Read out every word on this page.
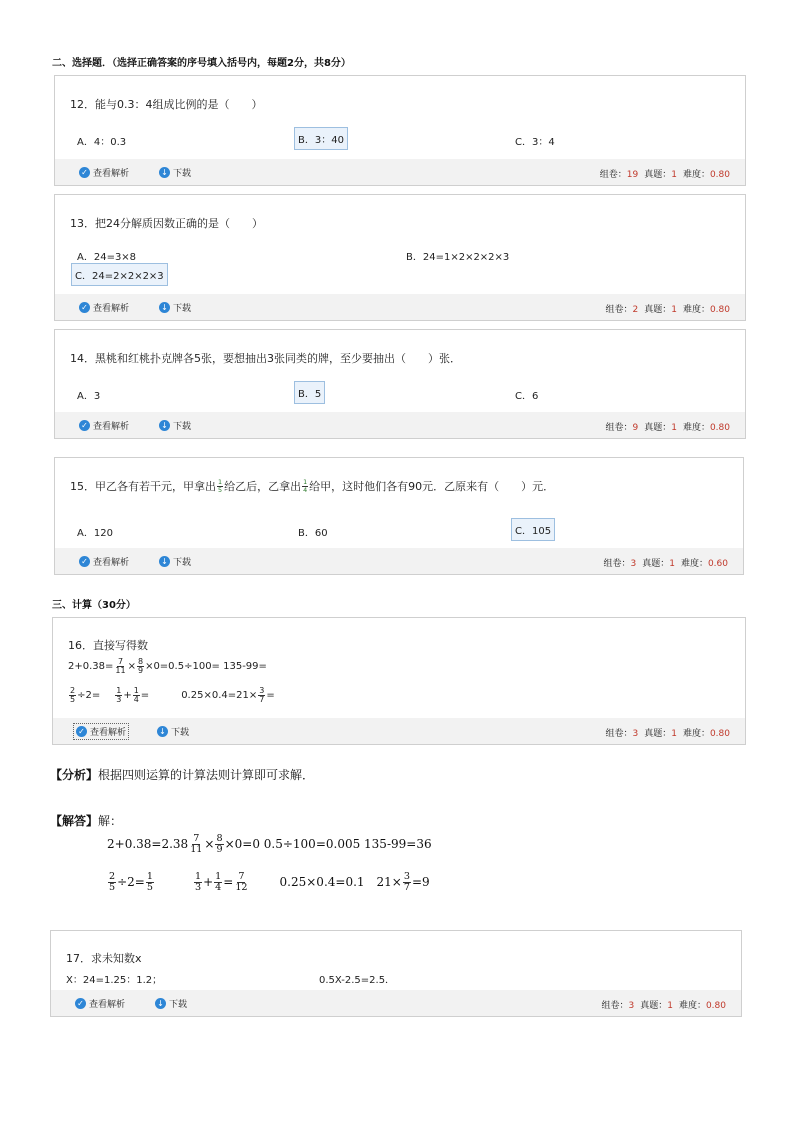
二、选择题．（选择正确答案的序号填入括号内，每题2分，共8分）
12．能与0.3：4组成比例的是（　　）
A．4：0.3	B．3：40	C．3：4
✓ 查看解析	↓ 下载	组卷：19 真题：1 难度：0.80
13．把24分解质因数正确的是（　　）
A．24=3×8	B．24=1×2×2×2×3
C．24=2×2×2×3
✓ 查看解析	↓ 下载	组卷：2 真题：1 难度：0.80
14．黑桃和红桃扑克牌各5张，要想抽出3张同类的牌，至少要抽出（　　）张．
A．3	B．5	C．6
✓ 查看解析	↓ 下载	组卷：9 真题：1 难度：0.80
15．甲乙各有若干元，甲拿出 $\frac{1}{5}$ 给乙后，乙拿出 $\frac{1}{4}$ 给甲，这时他们各有90元．乙原来有（　　）元．
A．120	B．60	C．105
✓ 查看解析	↓ 下载	组卷：3 真题：1 难度：0.60
三、计算（30分）
16．直接写得数
$2+0.38= \frac{7}{11} \times \frac{8}{9} \times 0=0.5\div 100= 135-99=$
$\frac{2}{5} \div 2= \frac{1}{3} + \frac{1}{4}$ =	$0.25\times 0.4=21\times \frac{3}{7}$ =
✓ 查看解析	↓ 下载	组卷：3 真题：1 难度：0.80
【分析】根据四则运算的计算法则计算即可求解．
【解答】解：
$2+0.38=2.38 \frac{7}{11} \times \frac{8}{9} \times 0=0$ 0.5÷100=0.005 135-99=36
$\frac{2}{5} \div 2= \frac{1}{5}$	$\frac{1}{3} + \frac{1}{4} = \frac{7}{12}$	0.25×0.4=0.1 $21\times \frac{3}{7} =9$
17．求未知数x
X：24=1.25：1.2；	0.5X-2.5=2.5．
✓ 查看解析	↓ 下载	组卷：3 真题：1 难度：0.80
